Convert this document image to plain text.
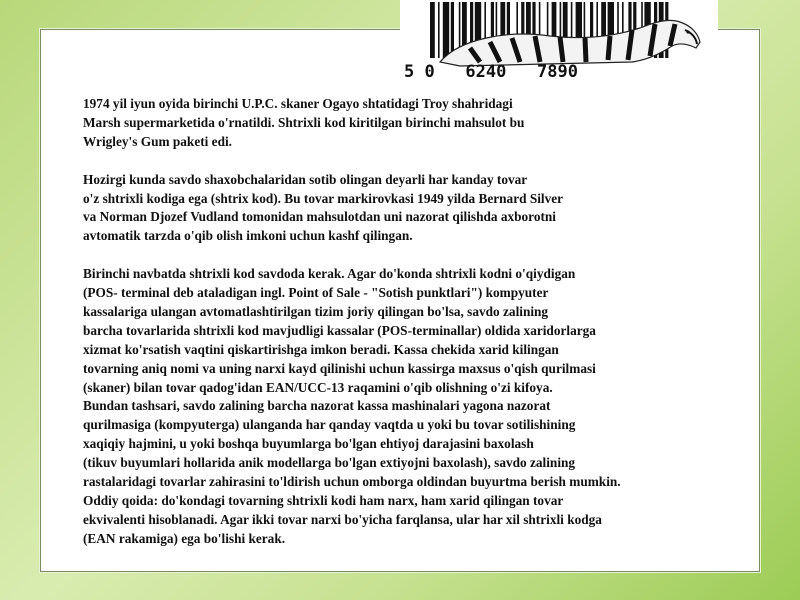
5 0   6240   7890

1974 yil iyun oyida birinchi U.P.C. skaner Ogayo shtatidagi Troy shahridagi
Marsh supermarketida o'rnatildi. Shtrixli kod kiritilgan birinchi mahsulot bu
Wrigley's Gum paketi edi.

Hozirgi kunda savdo shaxobchalaridan sotib olingan deyarli har kanday tovar
o'z shtrixli kodiga ega (shtrix kod). Bu tovar markirovkasi 1949 yilda Bernard Silver
va Norman Djozef Vudland tomonidan mahsulotdan uni nazorat qilishda axborotni
avtomatik tarzda o'qib olish imkoni uchun kashf qilingan.

Birinchi navbatda shtrixli kod savdoda kerak. Agar do'konda shtrixli kodni o'qiydigan
(POS- terminal deb ataladigan ingl. Point of Sale - "Sotish punktlari") kompyuter
kassalariga ulangan avtomatlashtirilgan tizim joriy qilingan bo'lsa, savdo zalining
barcha tovarlarida shtrixli kod mavjudligi kassalar (POS-terminallar) oldida xaridorlarga
xizmat ko'rsatish vaqtini qiskartirishga imkon beradi. Kassa chekida xarid kilingan
tovarning aniq nomi va uning narxi kayd qilinishi uchun kassirga maxsus o'qish qurilmasi
(skaner) bilan tovar qadog'idan EAN/UCC-13 raqamini o'qib olishning o'zi kifoya.
Bundan tashsari, savdo zalining barcha nazorat kassa mashinalari yagona nazorat
qurilmasiga (kompyuterga) ulanganda har qanday vaqtda u yoki bu tovar sotilishining
xaqiqiy hajmini, u yoki boshqa buyumlarga bo'lgan ehtiyoj darajasini baxolash
(tikuv buyumlari hollarida anik modellarga bo'lgan extiyojni baxolash), savdo zalining
rastalaridagi tovarlar zahirasini to'ldirish uchun omborga oldindan buyurtma berish mumkin.
Oddiy qoida: do'kondagi tovarning shtrixli kodi ham narx, ham xarid qilingan tovar
ekvivalenti hisoblanadi. Agar ikki tovar narxi bo'yicha farqlansa, ular har xil shtrixli kodga
(EAN rakamiga) ega bo'lishi kerak.
